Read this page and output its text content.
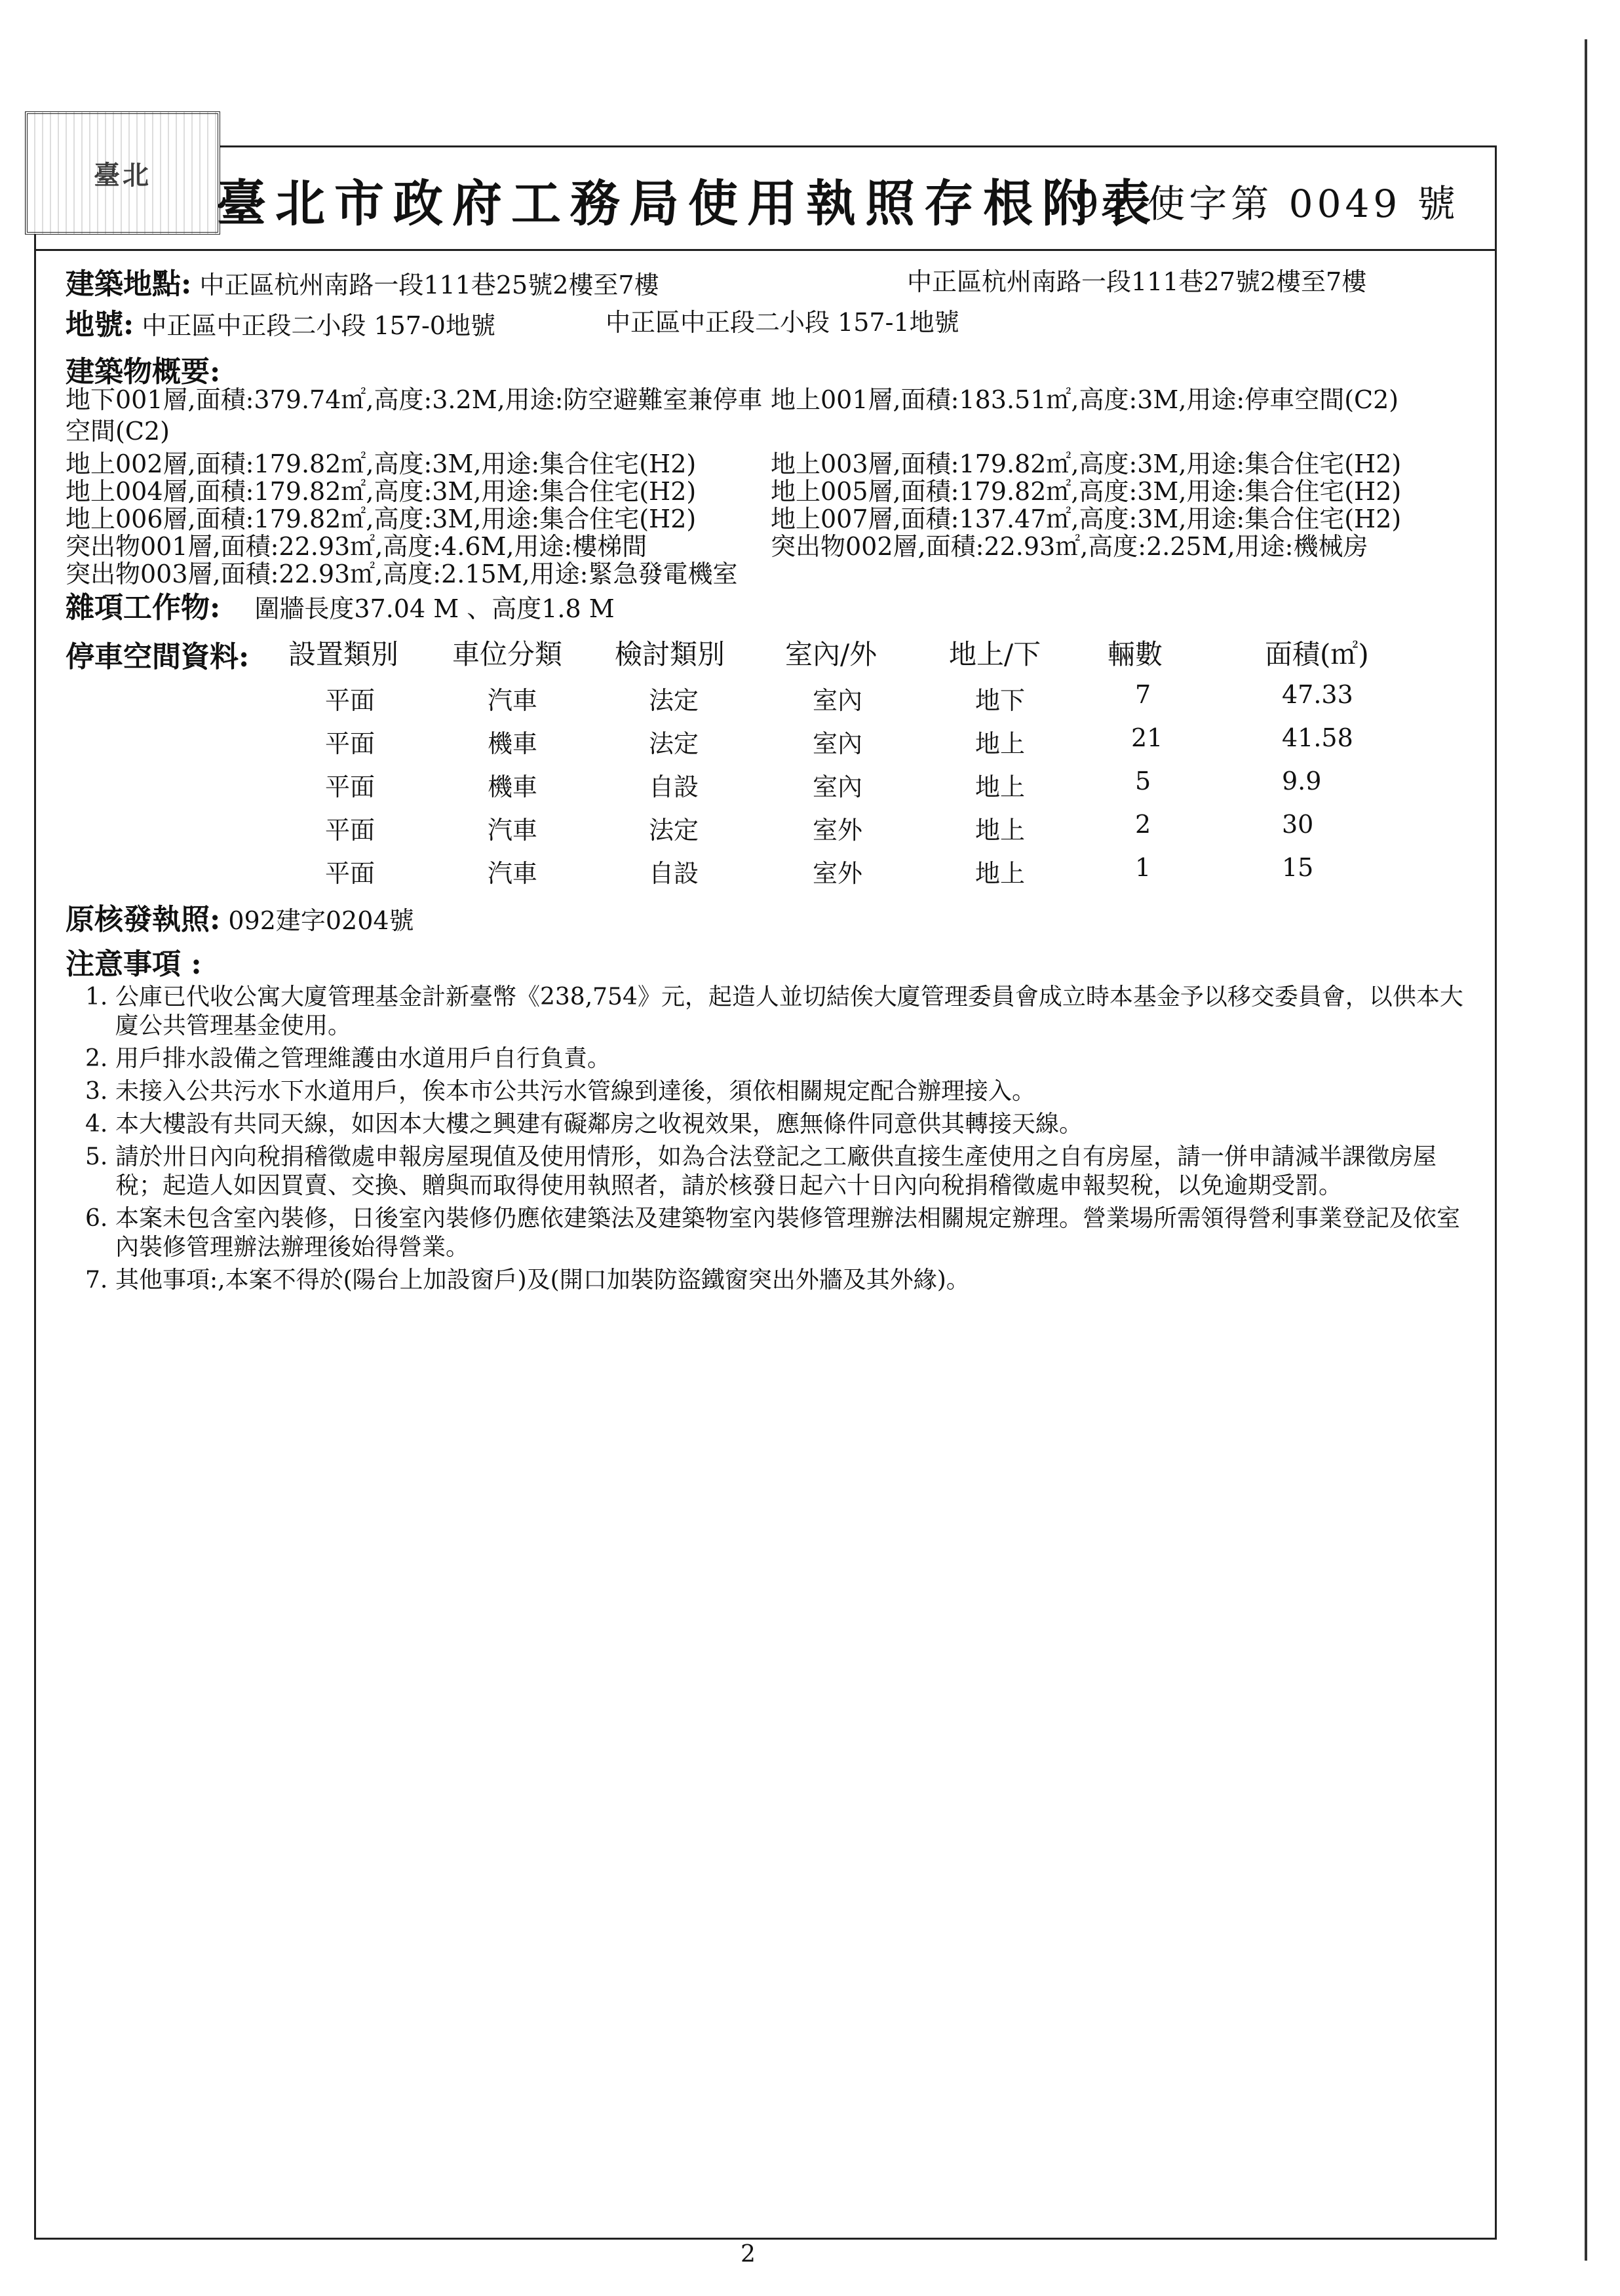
臺北 臺北市政府工務局使用執照存根附表
94 使字第 0049 號
建築地點: 中正區杭州南路一段111巷25號2樓至7樓	中正區杭州南路一段111巷27號2樓至7樓
地號: 中正區中正段二小段 157-0地號	中正區中正段二小段 157-1地號
建築物概要:
地下001層,面積:379.74㎡,高度:3.2M,用途:防空避難室兼停車 地上001層,面積:183.51㎡,高度:3M,用途:停車空間(C2)
空間(C2)
地上002層,面積:179.82㎡,高度:3M,用途:集合住宅(H2)	地上003層,面積:179.82㎡,高度:3M,用途:集合住宅(H2)
地上004層,面積:179.82㎡,高度:3M,用途:集合住宅(H2)	地上005層,面積:179.82㎡,高度:3M,用途:集合住宅(H2)
地上006層,面積:179.82㎡,高度:3M,用途:集合住宅(H2)	地上007層,面積:137.47㎡,高度:3M,用途:集合住宅(H2)
突出物001層,面積:22.93㎡,高度:4.6M,用途:樓梯間	突出物002層,面積:22.93㎡,高度:2.25M,用途:機械房
突出物003層,面積:22.93㎡,高度:2.15M,用途:緊急發電機室
雜項工作物: 圍牆長度37.04 M 、高度1.8 M
停車空間資料: 設置類別 車位分類 檢討類別 室內/外	地上/下 輛數	面積(㎡)
平面	汽車	法定	室內	地下	7	47.33
平面	機車	法定	室內	地上	21	41.58
平面	機車	自設	室內	地上	5	9.9
平面	汽車	法定	室外	地上	2	30
平面	汽車	自設	室外	地上	1	15
原核發執照: 092建字0204號
注意事項 :
1. 公庫已代收公寓大廈管理基金計新臺幣《238,754》元，起造人並切結俟大廈管理委員會成立時本基金予以移交委員會，以供本大廈公共管理基金使用。
2. 用戶排水設備之管理維護由水道用戶自行負責。
3. 未接入公共污水下水道用戶，俟本市公共污水管線到達後，須依相關規定配合辦理接入。
4. 本大樓設有共同天線，如因本大樓之興建有礙鄰房之收視效果，應無條件同意供其轉接天線。
5. 請於卅日內向稅捐稽徵處申報房屋現值及使用情形，如為合法登記之工廠供直接生產使用之自有房屋，請一併申請減半課徵房屋稅；起造人如因買賣、交換、贈與而取得使用執照者，請於核發日起六十日內向稅捐稽徵處申報契稅，以免逾期受罰。
6. 本案未包含室內裝修，日後室內裝修仍應依建築法及建築物室內裝修管理辦法相關規定辦理。營業場所需領得營利事業登記及依室內裝修管理辦法辦理後始得營業。
7. 其他事項:,本案不得於(陽台上加設窗戶)及(開口加裝防盜鐵窗突出外牆及其外緣)。
2
